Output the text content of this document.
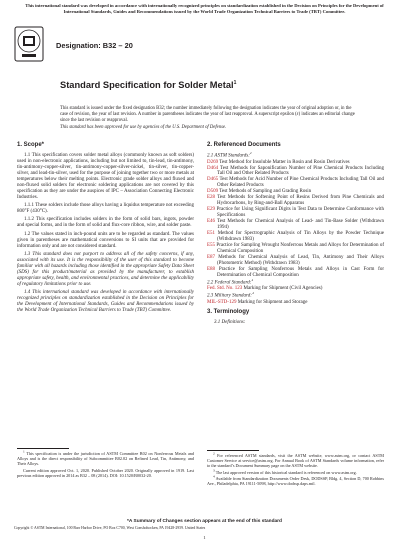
This international standard was developed in accordance with internationally recognized principles on standardization established in the Decision on Principles for the Development of International Standards, Guides and Recommendations issued by the World Trade Organization Technical Barriers to Trade (TBT) Committee.
Designation: B32 – 20
Standard Specification for Solder Metal$^1$
This standard is issued under the fixed designation B32; the number immediately following the designation indicates the year of original adoption or, in the case of revision, the year of last revision. A number in parentheses indicates the year of last reapproval. A superscript epsilon (ε) indicates an editorial change since the last revision or reapproval.
This standard has been approved for use by agencies of the U.S. Department of Defense.
1. Scope*

1.1 This specification covers solder metal alloys (commonly known as soft solders) used in non-electronic applications, including but not limited to, tin-lead, tin-antimony, tin-antimony-copper-silver, tin-antimony-copper-silver-nickel, tin-silver, tin-copper-silver, and lead-tin-silver, used for the purpose of joining together two or more metals at temperatures below their melting points. Electronic grade solder alloys and fluxed and non-fluxed solid solders for electronic soldering applications are not covered by this specification as they are under the auspices of IPC – Association Connecting Electronic Industries.

1.1.1 These solders include those alloys having a liquidus temperature not exceeding 800°F (430°C).

1.1.2 This specification includes solders in the form of solid bars, ingots, powder and special forms, and in the form of solid and flux-core ribbon, wire, and solder paste.

1.2 The values stated in inch-pound units are to be regarded as standard. The values given in parentheses are mathematical conversions to SI units that are provided for information only and are not considered standard.

1.3 This standard does not purport to address all of the safety concerns, if any, associated with its use. It is the responsibility of the user of this standard to become familiar with all hazards including those identified in the appropriate Safety Data Sheet (SDS) for this product/material as provided by the manufacturer, to establish appropriate safety, health, and environmental practices, and determine the applicability of regulatory limitations prior to use.

1.4 This international standard was developed in accordance with internationally recognized principles on standardization established in the Decision on Principles for the Development of International Standards, Guides and Recommendations issued by the World Trade Organization Technical Barriers to Trade (TBT) Committee.

2. Referenced Documents
2.1 ASTM Standards:$^2$
D269 Test Method for Insoluble Matter in Rosin and Rosin Derivatives
D464 Test Methods for Saponification Number of Pine Chemical Products Including Tall Oil and Other Related Products
D465 Test Methods for Acid Number of Pine Chemical Products Including Tall Oil and Other Related Products
D509 Test Methods of Sampling and Grading Rosin
E28 Test Methods for Softening Point of Resins Derived from Pine Chemicals and Hydrocarbons, by Ring-and-Ball Apparatus
E29 Practice for Using Significant Digits in Test Data to Determine Conformance with Specifications
E46 Test Methods for Chemical Analysis of Lead- and Tin-Base Solder (Withdrawn 1994)
E51 Method for Spectrographic Analysis of Tin Alloys by the Powder Technique (Withdrawn 1983)
E55 Practice for Sampling Wrought Nonferrous Metals and Alloys for Determination of Chemical Composition
E87 Methods for Chemical Analysis of Lead, Tin, Antimony and Their Alloys (Photometric Method) (Withdrawn 1983)
E88 Practice for Sampling Nonferrous Metals and Alloys in Cast Form for Determination of Chemical Composition
2.2 Federal Standard:$^4$
Fed. Std. No. 123 Marking for Shipment (Civil Agencies)
2.3 Military Standard:$^4$
MIL-STD-129 Marking for Shipment and Storage
3. Terminology
3.1 Definitions:

$^1$ This specification is under the jurisdiction of ASTM Committee B02 on Nonferrous Metals and Alloys and is the direct responsibility of Subcommittee B02.02 on Refined Lead, Tin, Antimony, and Their Alloys.

Current edition approved Oct. 1, 2020. Published October 2020. Originally approved in 1919. Last previous edition approved in 2014 as B32 – 08 (2014). DOI: 10.1520/B0032-20.

$^2$ For referenced ASTM standards, visit the ASTM website, www.astm.org, or contact ASTM Customer Service at service@astm.org. For Annual Book of ASTM Standards volume information, refer to the standard’s Document Summary page on the ASTM website.

$^3$ The last approved version of this historical standard is referenced on www.astm.org.

$^4$ Available from Standardization Documents Order Desk, DODSSP, Bldg. 4, Section D, 700 Robbins Ave., Philadelphia, PA 19111-5098, http://www.dodssp.daps.mil.

*A Summary of Changes section appears at the end of this standard
Copyright © ASTM International, 100 Barr Harbor Drive, PO Box C700, West Conshohocken, PA 19428-2959. United States
1
